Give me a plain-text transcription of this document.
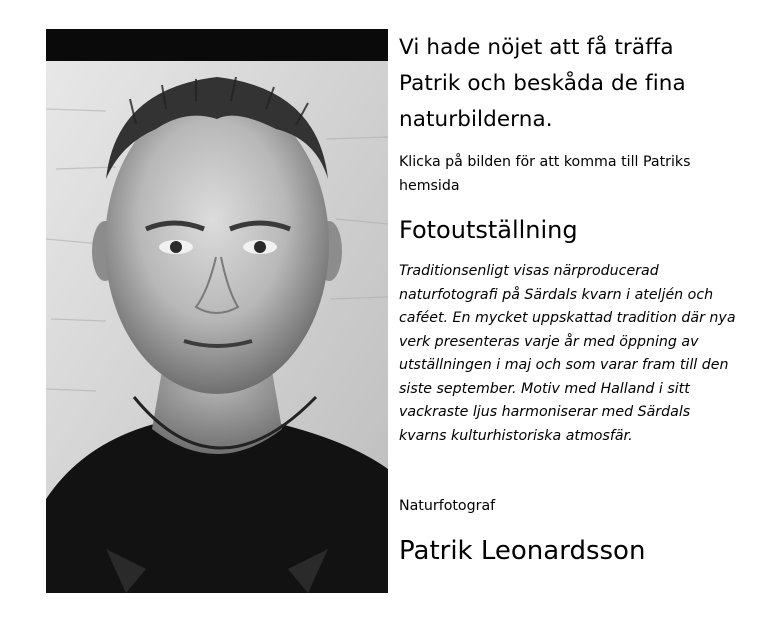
Vi hade nöjet att få träffa Patrik och beskåda de fina naturbilderna.

Klicka på bilden för att komma till Patriks hemsida

Fotoutställning

Traditionsenligt visas närproducerad naturfotografi på Särdals kvarn i ateljén och caféet. En mycket uppskattad tradition där nya verk presenteras varje år med öppning av utställningen i maj och som varar fram till den siste september. Motiv med Halland i sitt vackraste ljus harmoniserar med Särdals kvarns kulturhistoriska atmosfär.

Naturfotograf
Patrik Leonardsson
